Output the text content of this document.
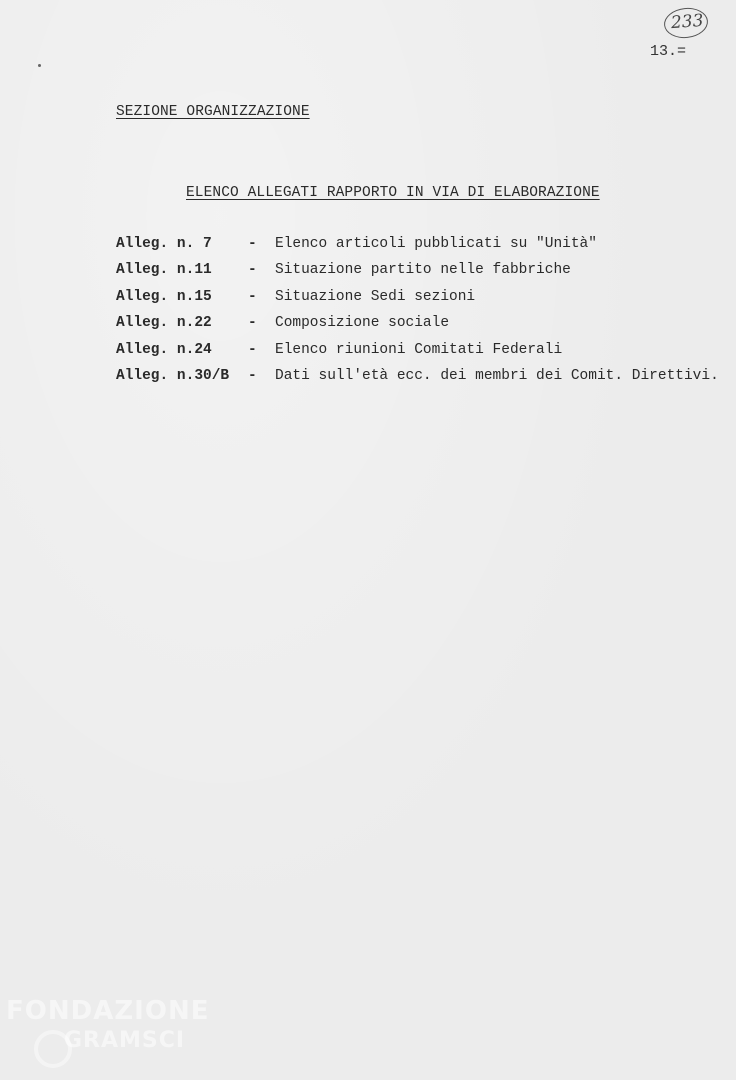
233
13.=
SEZIONE ORGANIZZAZIONE
ELENCO ALLEGATI RAPPORTO IN VIA DI ELABORAZIONE
Alleg. n. 7	- Elenco articoli pubblicati su "Unità"
Alleg. n.11	- Situazione partito nelle fabbriche
Alleg. n.15	- Situazione Sedi sezioni
Alleg. n.22	- Composizione sociale
Alleg. n.24	- Elenco riunioni Comitati Federali
Alleg. n.30/B - Dati sull'età ecc. dei membri dei Comit. Direttivi.
FONDAZIONE
GRAMSCI
